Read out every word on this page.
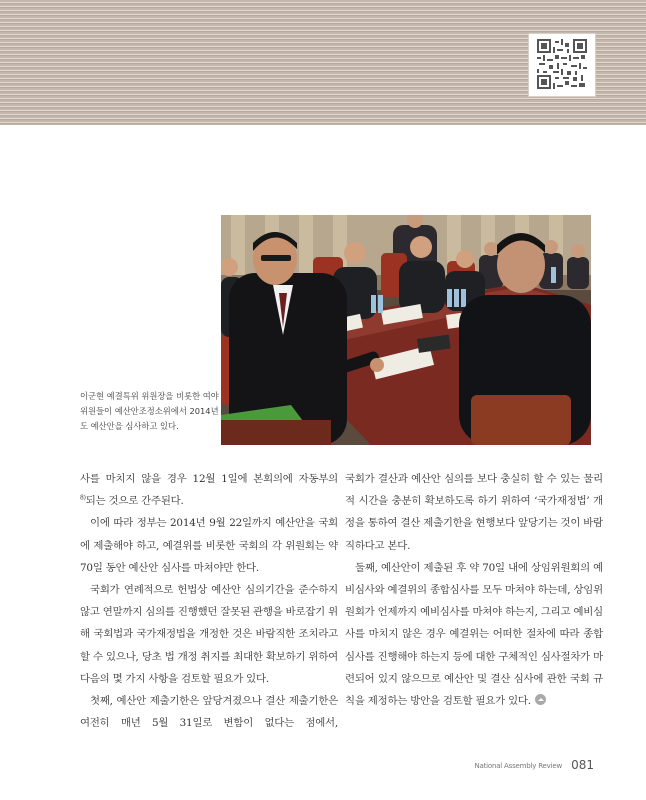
이군현 예결특위 위원장을 비롯한 여야 위원들이 예산안조정소위에서 2014년도 예산안을 심사하고 있다.

사를 마치지 않을 경우 12월 1일에 본회의에 자동부의

$^{8)}$되는 것으로 간주된다.

이에 따라 정부는 2014년 9월 22일까지 예산안을 국회에 제출해야 하고, 예결위를 비롯한 국회의 각 위원회는 약 70일 동안 예산안 심사를 마쳐야만 한다.

국회가 연례적으로 헌법상 예산안 심의기간을 준수하지 않고 연말까지 심의를 진행했던 잘못된 관행을 바로잡기 위해 국회법과 국가재정법을 개정한 것은 바람직한 조치라고 할 수 있으나, 당초 법 개정 취지를 최대한 확보하기 위하여 다음의 몇 가지 사항을 검토할 필요가 있다.

첫째, 예산안 제출기한은 앞당겨졌으나 결산 제출기한은 여전히 매년 5월 31일로 변함이 없다는 점에서,

국회가 결산과 예산안 심의를 보다 충실히 할 수 있는 물리적 시간을 충분히 확보하도록 하기 위하여 ‘국가재정법’ 개정을 통하여 결산 제출기한을 현행보다 앞당기는 것이 바람직하다고 본다.

둘째, 예산안이 제출된 후 약 70일 내에 상임위원회의 예비심사와 예결위의 종합심사를 모두 마쳐야 하는데, 상임위원회가 언제까지 예비심사를 마쳐야 하는지, 그리고 예비심사를 마치지 않은 경우 예결위는 어떠한 절차에 따라 종합심사를 진행해야 하는지 등에 대한 구체적인 심사절차가 마련되어 있지 않으므로 예산안 및 결산 심사에 관한 국회 규칙을 제정하는 방안을 검토할 필요가 있다.

National Assembly Review 081
